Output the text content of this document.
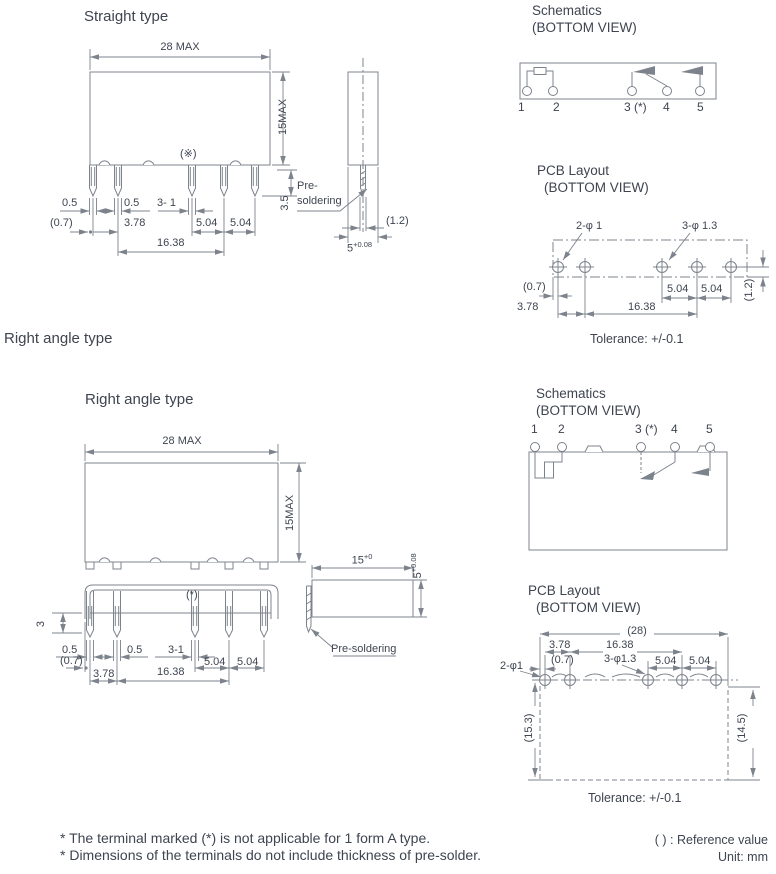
Straight type
28 MAX
15MAX
(※)
3.5
Pre-
soldering
0.5	0.5 3- 1
(0.7)	3.78	5.04 5.04
16.38
(1.2)
$5^{+0.08}$
Schematics
(BOTTOM VIEW)
1 2	3 (*) 4 5
PCB Layout
(BOTTOM VIEW)
2-φ 1	3-φ 1.3
(0.7)	5.04 5.04 (1.2)
3.78	16.38
Tolerance: +/-0.1
Right angle type
Right angle type
28 MAX
15MAX
(*)
3
0.5	0.5 3-1
(0.7)	5.04 5.04
3.78	16.38
$15^{+0}$
$5^{+0.08}$
Pre-soldering
Schematics
(BOTTOM VIEW)
1 2	3 (*) 4 5
PCB Layout
(BOTTOM VIEW)
(28)
3.78	16.38
(0.7)	3-φ1.3 5.04 5.04
2-φ1
(15.3)	(14.5)
Tolerance: +/-0.1
* The terminal marked (*) is not applicable for 1 form A type.
* Dimensions of the terminals do not include thickness of pre-solder.
( ) : Reference value
Unit: mm
